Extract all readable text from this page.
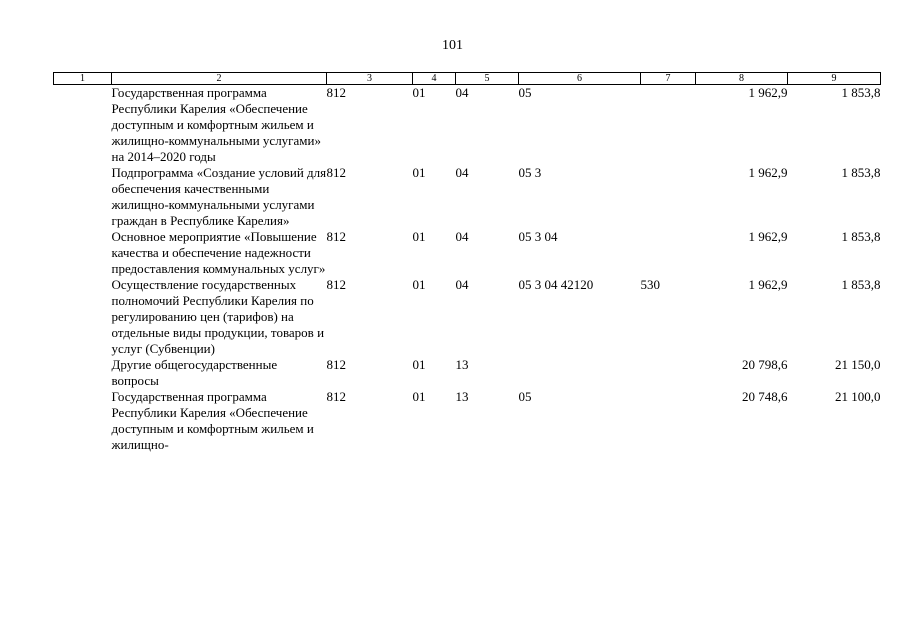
101
1	2	3	4	5	6	7	8	9
	Государственная программа Республики Карелия «Обеспечение доступным и комфортным жильем и жилищно-коммунальными услугами» на 2014–2020 годы	812	01	04	05		1 962,9	1 853,8
	Подпрограмма «Создание условий для обеспечения качественными жилищно-коммунальными услугами граждан в Республике Карелия»	812	01	04	05 3		1 962,9	1 853,8
	Основное мероприятие «Повышение качества и обеспечение надежности предоставления коммунальных услуг»	812	01	04	05 3 04		1 962,9	1 853,8
	Осуществление государственных полномочий Республики Карелия по регулированию цен (тарифов) на отдельные виды продукции, товаров и услуг (Субвенции)	812	01	04	05 3 04 42120	530	1 962,9	1 853,8
	Другие общегосударственные вопросы	812	01	13			20 798,6	21 150,0
	Государственная программа Республики Карелия «Обеспечение доступным и комфортным жильем и жилищно-	812	01	13	05		20 748,6	21 100,0
